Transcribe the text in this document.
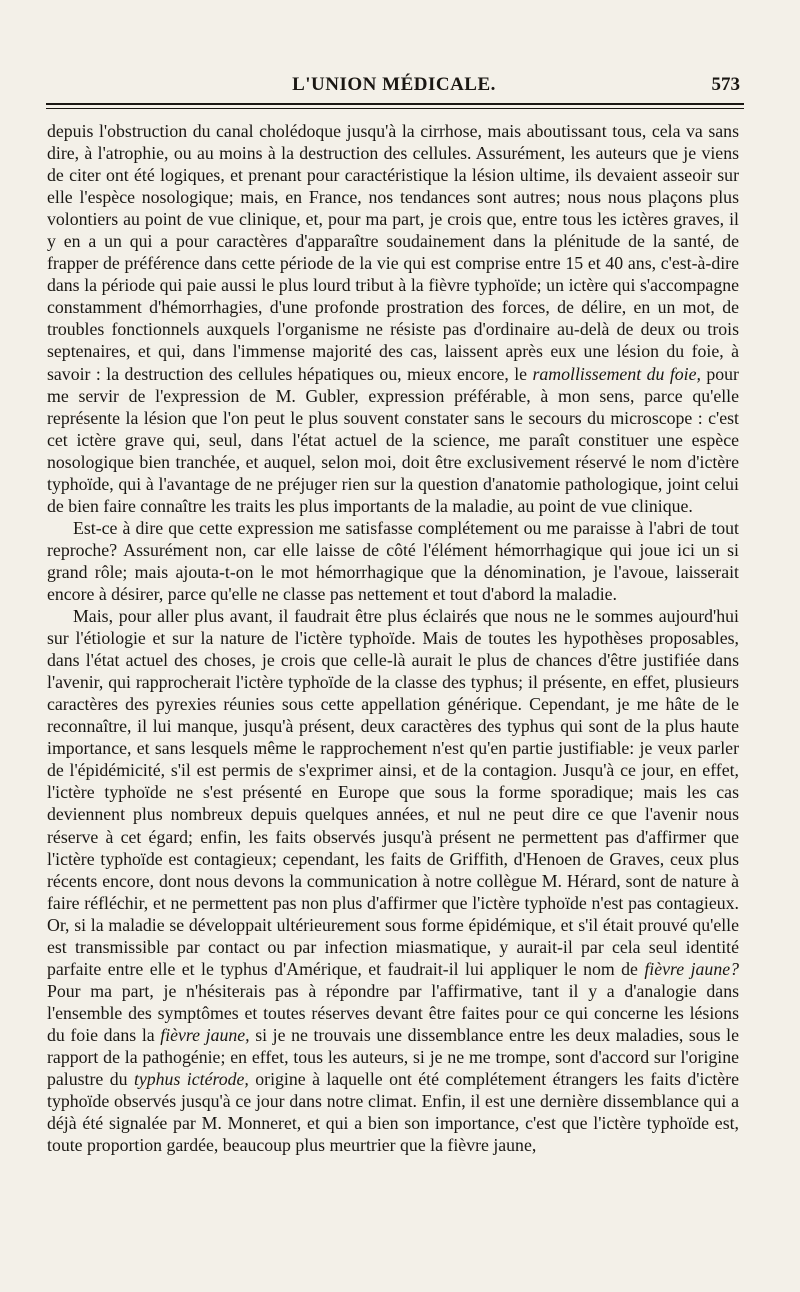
L'UNION MÉDICALE.	573

depuis l'obstruction du canal cholédoque jusqu'à la cirrhose, mais aboutissant tous, cela va sans dire, à l'atrophie, ou au moins à la destruction des cellules. Assurément, les auteurs que je viens de citer ont été logiques, et prenant pour caractéristique la lésion ultime, ils devaient asseoir sur elle l'espèce nosologique; mais, en France, nos tendances sont autres; nous nous plaçons plus volontiers au point de vue clinique, et, pour ma part, je crois que, entre tous les ictères graves, il y en a un qui a pour caractères d'apparaître soudainement dans la plénitude de la santé, de frapper de préférence dans cette période de la vie qui est comprise entre 15 et 40 ans, c'est-à-dire dans la période qui paie aussi le plus lourd tribut à la fièvre typhoïde; un ictère qui s'accompagne constamment d'hémorrhagies, d'une profonde prostration des forces, de délire, en un mot, de troubles fonctionnels auxquels l'organisme ne résiste pas d'ordinaire au-delà de deux ou trois septenaires, et qui, dans l'immense majorité des cas, laissent après eux une lésion du foie, à savoir : la destruction des cellules hépatiques ou, mieux encore, le ramollissement du foie, pour me servir de l'expression de M. Gubler, expression préférable, à mon sens, parce qu'elle représente la lésion que l'on peut le plus souvent constater sans le secours du microscope : c'est cet ictère grave qui, seul, dans l'état actuel de la science, me paraît constituer une espèce nosologique bien tranchée, et auquel, selon moi, doit être exclusivement réservé le nom d'ictère typhoïde, qui à l'avantage de ne préjuger rien sur la question d'anatomie pathologique, joint celui de bien faire connaître les traits les plus importants de la maladie, au point de vue clinique.

Est-ce à dire que cette expression me satisfasse complétement ou me paraisse à l'abri de tout reproche? Assurément non, car elle laisse de côté l'élément hémorrhagique qui joue ici un si grand rôle; mais ajouta-t-on le mot hémorrhagique que la dénomination, je l'avoue, laisserait encore à désirer, parce qu'elle ne classe pas nettement et tout d'abord la maladie.

Mais, pour aller plus avant, il faudrait être plus éclairés que nous ne le sommes aujourd'hui sur l'étiologie et sur la nature de l'ictère typhoïde. Mais de toutes les hypothèses proposables, dans l'état actuel des choses, je crois que celle-là aurait le plus de chances d'être justifiée dans l'avenir, qui rapprocherait l'ictère typhoïde de la classe des typhus; il présente, en effet, plusieurs caractères des pyrexies réunies sous cette appellation générique. Cependant, je me hâte de le reconnaître, il lui manque, jusqu'à présent, deux caractères des typhus qui sont de la plus haute importance, et sans lesquels même le rapprochement n'est qu'en partie justifiable: je veux parler de l'épidémicité, s'il est permis de s'exprimer ainsi, et de la contagion. Jusqu'à ce jour, en effet, l'ictère typhoïde ne s'est présenté en Europe que sous la forme sporadique; mais les cas deviennent plus nombreux depuis quelques années, et nul ne peut dire ce que l'avenir nous réserve à cet égard; enfin, les faits observés jusqu'à présent ne permettent pas d'affirmer que l'ictère typhoïde est contagieux; cependant, les faits de Griffith, d'Henoen de Graves, ceux plus récents encore, dont nous devons la communication à notre collègue M. Hérard, sont de nature à faire réfléchir, et ne permettent pas non plus d'affirmer que l'ictère typhoïde n'est pas contagieux. Or, si la maladie se développait ultérieurement sous forme épidémique, et s'il était prouvé qu'elle est transmissible par contact ou par infection miasmatique, y aurait-il par cela seul identité parfaite entre elle et le typhus d'Amérique, et faudrait-il lui appliquer le nom de fièvre jaune? Pour ma part, je n'hésiterais pas à répondre par l'affirmative, tant il y a d'analogie dans l'ensemble des symptômes et toutes réserves devant être faites pour ce qui concerne les lésions du foie dans la fièvre jaune, si je ne trouvais une dissemblance entre les deux maladies, sous le rapport de la pathogénie; en effet, tous les auteurs, si je ne me trompe, sont d'accord sur l'origine palustre du typhus ictérode, origine à laquelle ont été complétement étrangers les faits d'ictère typhoïde observés jusqu'à ce jour dans notre climat. Enfin, il est une dernière dissemblance qui a déjà été signalée par M. Monneret, et qui a bien son importance, c'est que l'ictère typhoïde est, toute proportion gardée, beaucoup plus meurtrier que la fièvre jaune,
